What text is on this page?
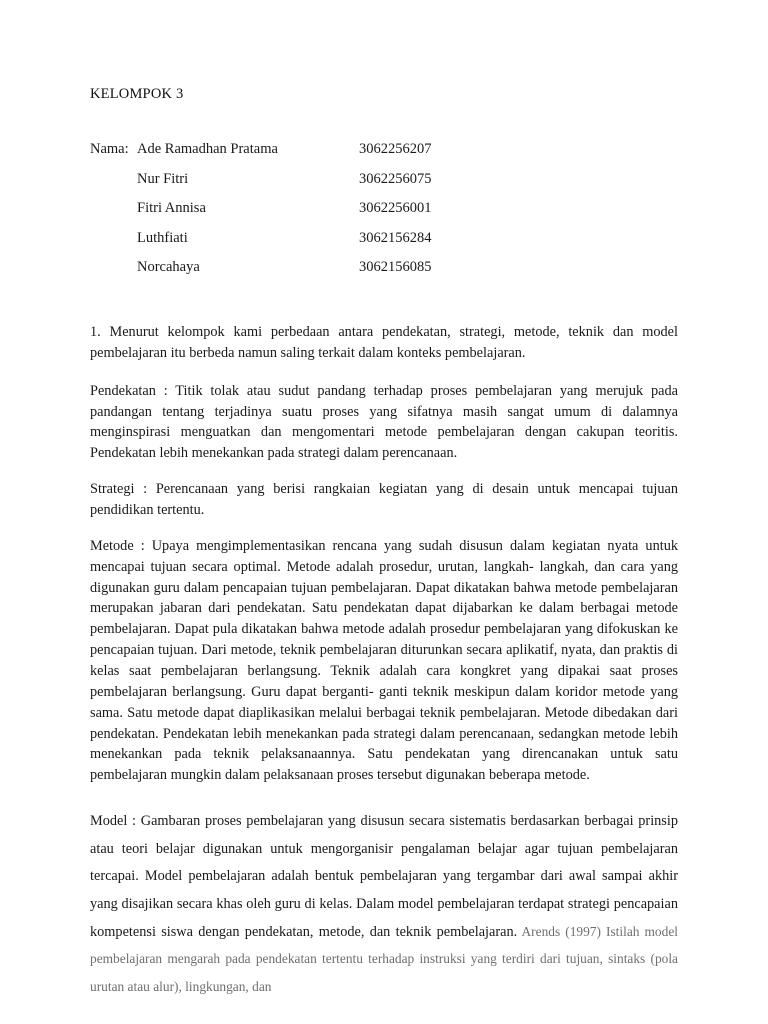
KELOMPOK 3
Nama: Ade Ramadhan Pratama	3062256207
Nur Fitri	3062256075
Fitri Annisa	3062256001
Luthfiati	3062156284
Norcahaya	3062156085

1. Menurut kelompok kami perbedaan antara pendekatan, strategi, metode, teknik dan model pembelajaran itu berbeda namun saling terkait dalam konteks pembelajaran.

Pendekatan : Titik tolak atau sudut pandang terhadap proses pembelajaran yang merujuk pada pandangan tentang terjadinya suatu proses yang sifatnya masih sangat umum di dalamnya menginspirasi menguatkan dan mengomentari metode pembelajaran dengan cakupan teoritis. Pendekatan lebih menekankan pada strategi dalam perencanaan.

Strategi : Perencanaan yang berisi rangkaian kegiatan yang di desain untuk mencapai tujuan pendidikan tertentu.

Metode : Upaya mengimplementasikan rencana yang sudah disusun dalam kegiatan nyata untuk mencapai tujuan secara optimal. Metode adalah prosedur, urutan, langkah- langkah, dan cara yang digunakan guru dalam pencapaian tujuan pembelajaran. Dapat dikatakan bahwa metode pembelajaran merupakan jabaran dari pendekatan. Satu pendekatan dapat dijabarkan ke dalam berbagai metode pembelajaran. Dapat pula dikatakan bahwa metode adalah prosedur pembelajaran yang difokuskan ke pencapaian tujuan. Dari metode, teknik pembelajaran diturunkan secara aplikatif, nyata, dan praktis di kelas saat pembelajaran berlangsung. Teknik adalah cara kongkret yang dipakai saat proses pembelajaran berlangsung. Guru dapat berganti- ganti teknik meskipun dalam koridor metode yang sama. Satu metode dapat diaplikasikan melalui berbagai teknik pembelajaran. Metode dibedakan dari pendekatan. Pendekatan lebih menekankan pada strategi dalam perencanaan, sedangkan metode lebih menekankan pada teknik pelaksanaannya. Satu pendekatan yang direncanakan untuk satu pembelajaran mungkin dalam pelaksanaan proses tersebut digunakan beberapa metode.

Model : Gambaran proses pembelajaran yang disusun secara sistematis berdasarkan berbagai prinsip atau teori belajar digunakan untuk mengorganisir pengalaman belajar agar tujuan pembelajaran tercapai. Model pembelajaran adalah bentuk pembelajaran yang tergambar dari awal sampai akhir yang disajikan secara khas oleh guru di kelas. Dalam model pembelajaran terdapat strategi pencapaian kompetensi siswa dengan pendekatan, metode, dan teknik pembelajaran. Arends (1997) Istilah model pembelajaran mengarah pada pendekatan tertentu terhadap instruksi yang terdiri dari tujuan, sintaks (pola urutan atau alur), lingkungan, dan
